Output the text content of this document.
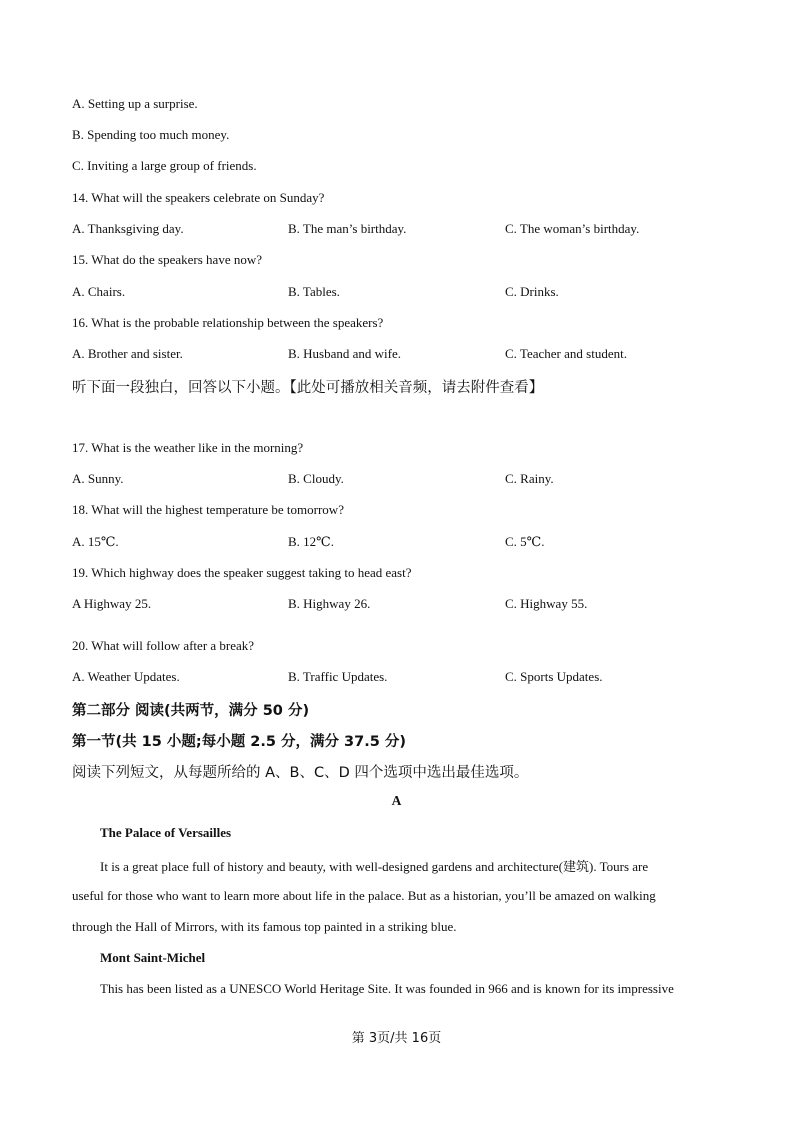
A. Setting up a surprise.
B. Spending too much money.
C. Inviting a large group of friends.
14. What will the speakers celebrate on Sunday?
A. Thanksgiving day.	B. The man’s birthday.	C. The woman’s birthday.
15. What do the speakers have now?
A. Chairs.	B. Tables.	C. Drinks.
16. What is the probable relationship between the speakers?
A. Brother and sister.	B. Husband and wife.	C. Teacher and student.
听下面一段独白，回答以下小题。【此处可播放相关音频，请去附件查看】
17. What is the weather like in the morning?
A. Sunny.	B. Cloudy.	C. Rainy.
18. What will the highest temperature be tomorrow?
A. 15℃.	B. 12℃.	C. 5℃.
19. Which highway does the speaker suggest taking to head east?
A Highway 25.	B. Highway 26.	C. Highway 55.
20. What will follow after a break?
A. Weather Updates.	B. Traffic Updates.	C. Sports Updates.
第二部分 阅读(共两节，满分 50 分)
第一节(共 15 小题;每小题 2.5 分，满分 37.5 分)
阅读下列短文，从每题所给的 A、B、C、D 四个选项中选出最佳选项。
A
The Palace of Versailles
It is a great place full of history and beauty, with well-designed gardens and architecture(建筑). Tours are
useful for those who want to learn more about life in the palace. But as a historian, you’ll be amazed on walking
through the Hall of Mirrors, with its famous top painted in a striking blue.
Mont Saint-Michel
This has been listed as a UNESCO World Heritage Site. It was founded in 966 and is known for its impressive
第 3页/共 16页
